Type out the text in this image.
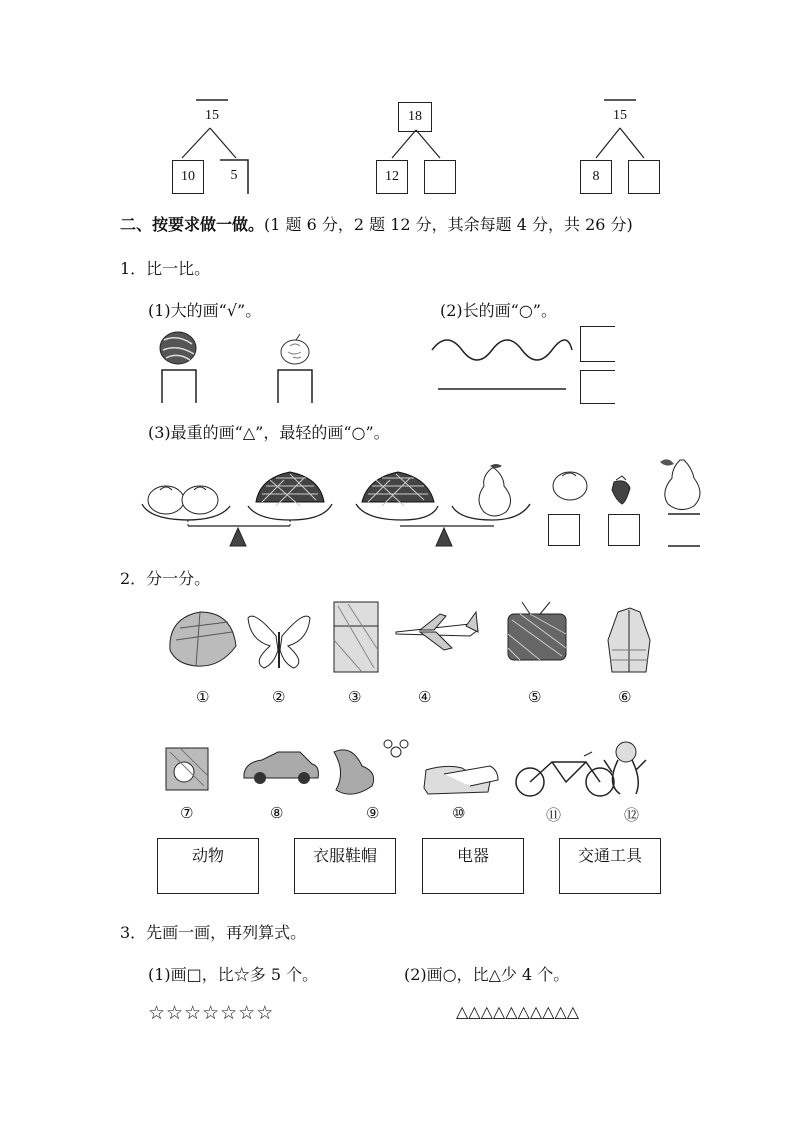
15
10	5
18
12
15
8
二、按要求做一做。(1 题 6 分，2 题 12 分，其余每题 4 分，共 26 分)
1．比一比。
(1)大的画“√”。	(2)长的画“○”。
(3)最重的画“△”，最轻的画“○”。
2．分一分。
①	②	③	④	⑤	⑥
⑦	⑧	⑨	⑩	⑪	⑫
动物	衣服鞋帽	电器	交通工具
3．先画一画，再列算式。
(1)画□，比☆多 5 个。	(2)画○，比△少 4 个。
☆☆☆☆☆☆☆	△△△△△△△△△△
